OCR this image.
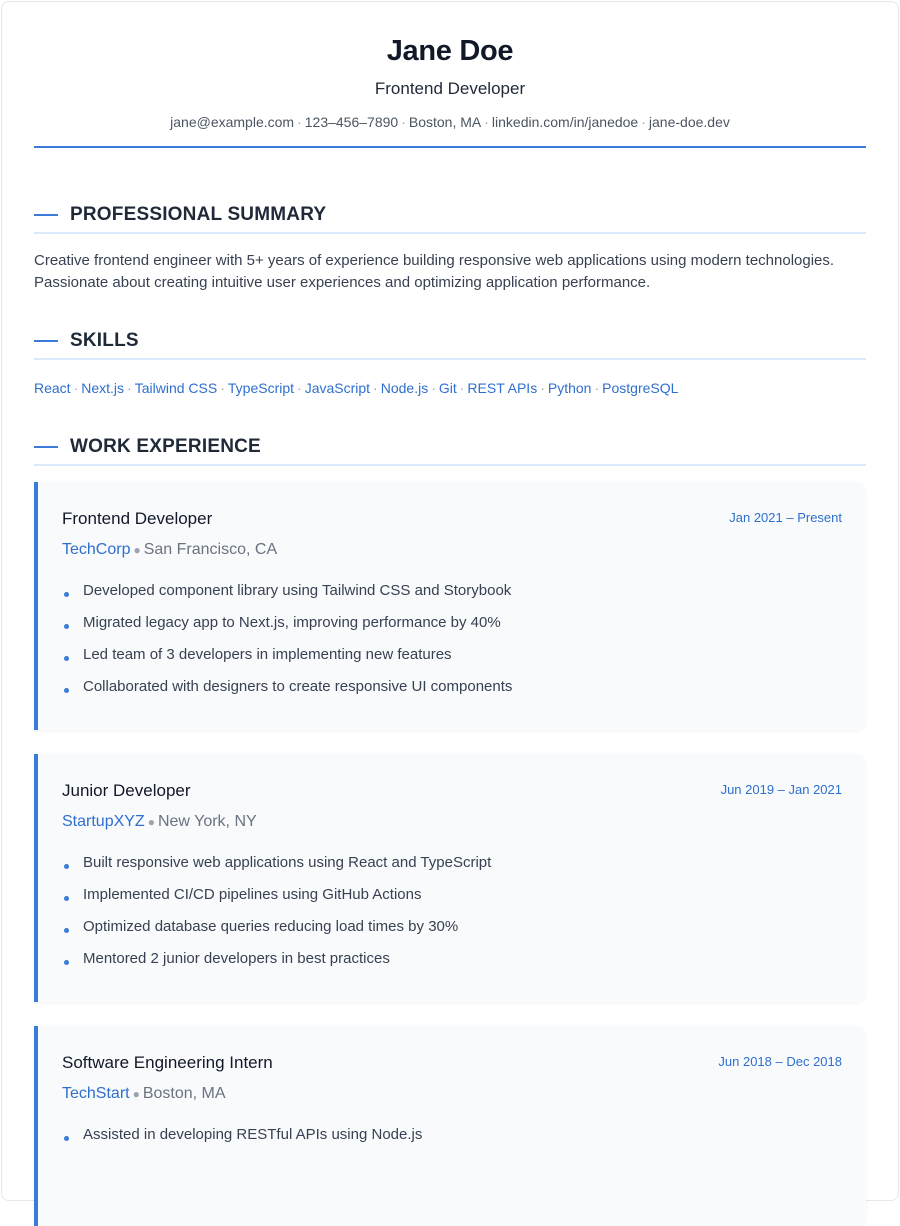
Jane Doe
Frontend Developer
jane@example.com · 123–456–7890 · Boston, MA · linkedin.com/in/janedoe · jane-doe.dev
PROFESSIONAL SUMMARY

Creative frontend engineer with 5+ years of experience building responsive web applications using modern technologies. Passionate about creating intuitive user experiences and optimizing application performance.

SKILLS
React · Next.js · Tailwind CSS · TypeScript · JavaScript · Node.js · Git · REST APIs · Python · PostgreSQL
WORK EXPERIENCE
Frontend Developer	Jan 2021 – Present
TechCorp ● San Francisco, CA
Developed component library using Tailwind CSS and Storybook
Migrated legacy app to Next.js, improving performance by 40%
Led team of 3 developers in implementing new features
Collaborated with designers to create responsive UI components
Junior Developer	Jun 2019 – Jan 2021
StartupXYZ ● New York, NY
Built responsive web applications using React and TypeScript
Implemented CI/CD pipelines using GitHub Actions
Optimized database queries reducing load times by 30%
Mentored 2 junior developers in best practices
Software Engineering Intern	Jun 2018 – Dec 2018
TechStart ● Boston, MA
Assisted in developing RESTful APIs using Node.js
